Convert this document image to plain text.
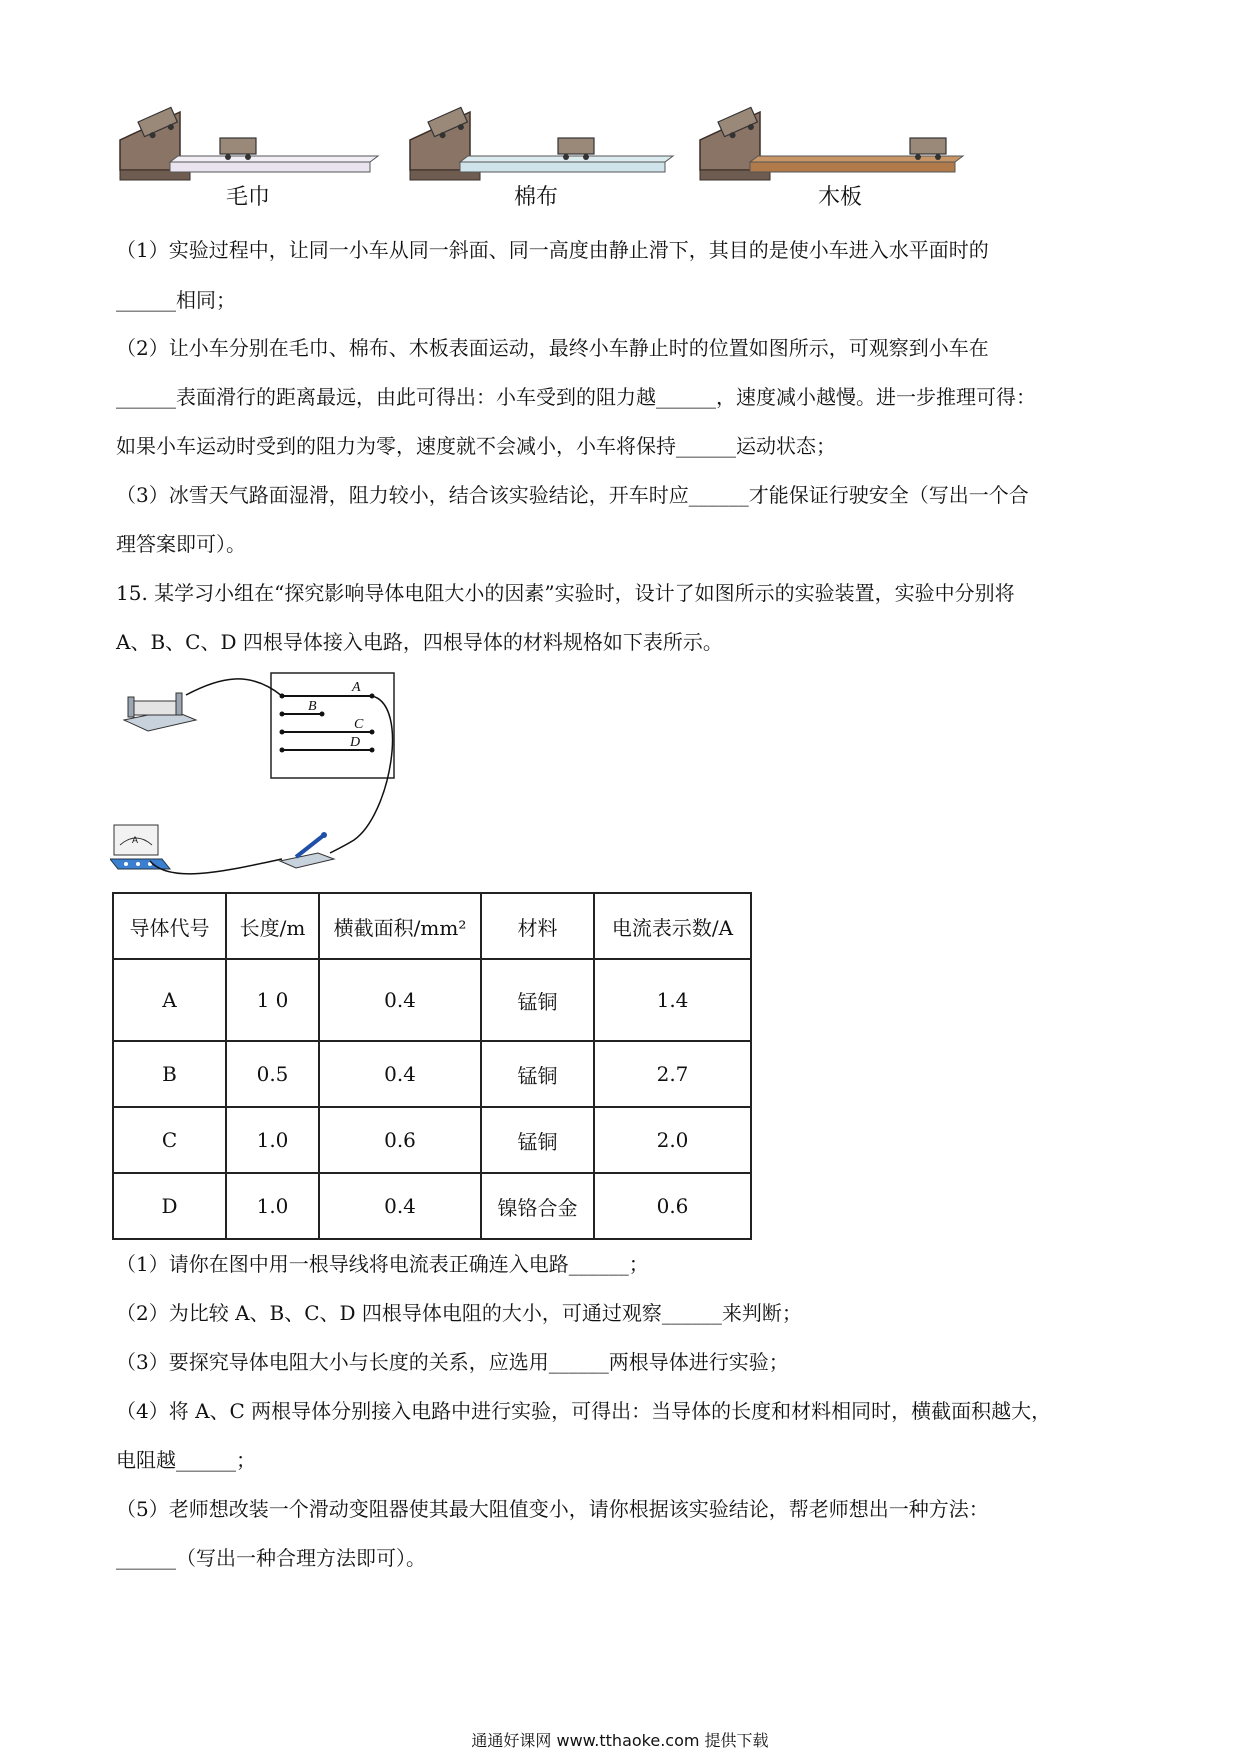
毛巾	棉布	木板
（1）实验过程中，让同一小车从同一斜面、同一高度由静止滑下，其目的是使小车进入水平面时的
______相同；
（2）让小车分别在毛巾、棉布、木板表面运动，最终小车静止时的位置如图所示，可观察到小车在
______表面滑行的距离最远，由此可得出：小车受到的阻力越______，速度减小越慢。进一步推理可得：
如果小车运动时受到的阻力为零，速度就不会减小，小车将保持______运动状态；
（3）冰雪天气路面湿滑，阻力较小，结合该实验结论，开车时应______才能保证行驶安全（写出一个合
理答案即可）。
15. 某学习小组在“探究影响导体电阻大小的因素”实验时，设计了如图所示的实验装置，实验中分别将
A、B、C、D 四根导体接入电路，四根导体的材料规格如下表所示。
A
B
C
D
A
导体代号	长度/m	横截面积/mm²	材料	电流表示数/A
A	1 0	0.4	锰铜	1.4
B	0.5	0.4	锰铜	2.7
C	1.0	0.6	锰铜	2.0
D	1.0	0.4	镍铬合金	0.6
（1）请你在图中用一根导线将电流表正确连入电路______；
（2）为比较 A、B、C、D 四根导体电阻的大小，可通过观察______来判断；
（3）要探究导体电阻大小与长度的关系，应选用______两根导体进行实验；
（4）将 A、C 两根导体分别接入电路中进行实验，可得出：当导体的长度和材料相同时，横截面积越大，
电阻越______；
（5）老师想改装一个滑动变阻器使其最大阻值变小，请你根据该实验结论，帮老师想出一种方法：
______（写出一种合理方法即可）。
通通好课网 www.tthaoke.com 提供下载
